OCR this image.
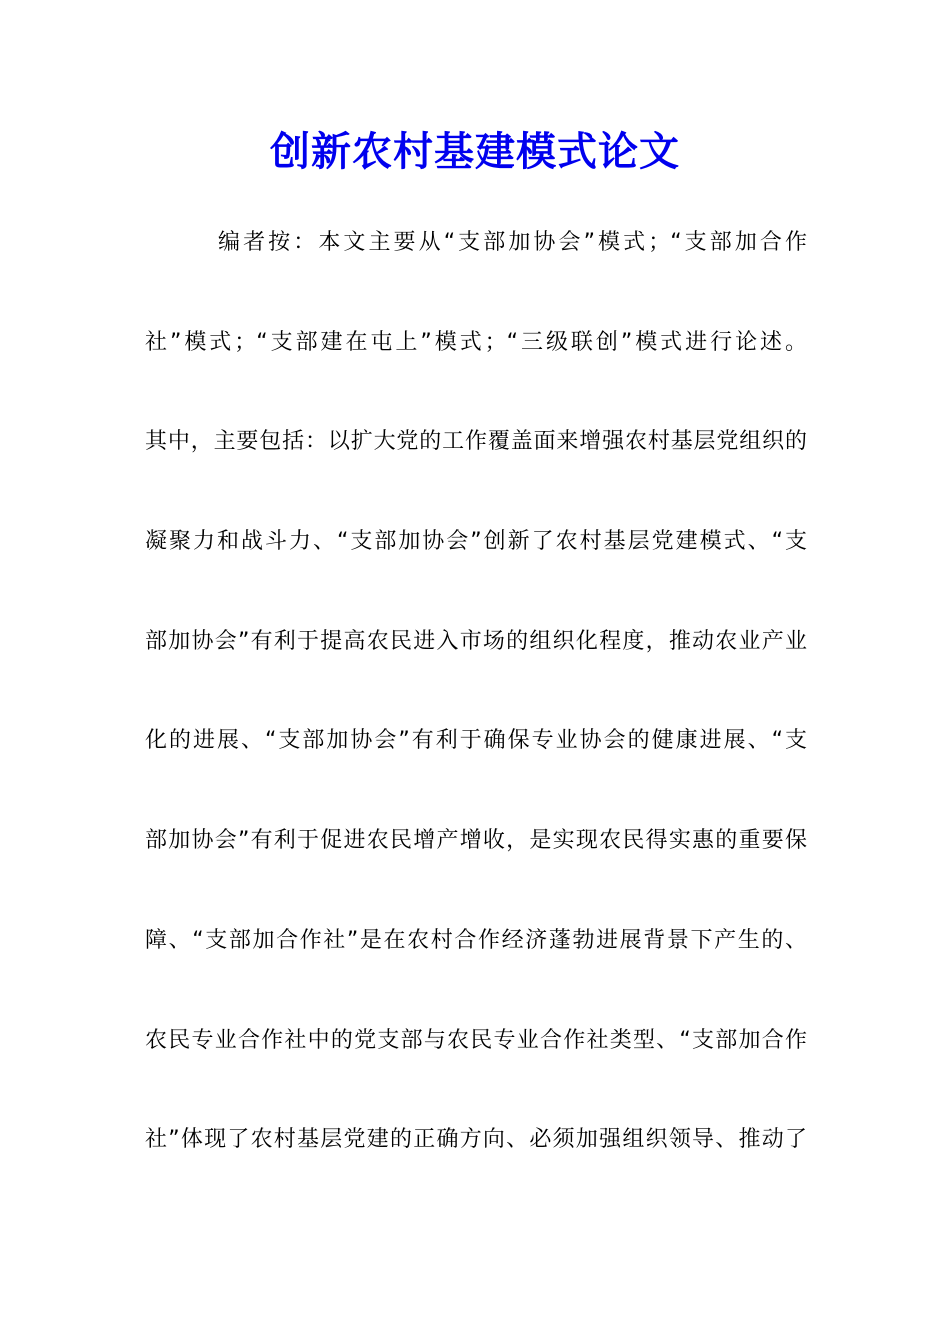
创新农村基建模式论文
编者按：本文主要从“支部加协会”模式；“支部加合作
社”模式；“支部建在屯上”模式；“三级联创”模式进行论述。
其中，主要包括：以扩大党的工作覆盖面来增强农村基层党组织的
凝聚力和战斗力、“支部加协会”创新了农村基层党建模式、“支
部加协会”有利于提高农民进入市场的组织化程度，推动农业产业
化的进展、“支部加协会”有利于确保专业协会的健康进展、“支
部加协会”有利于促进农民增产增收，是实现农民得实惠的重要保
障、“支部加合作社”是在农村合作经济蓬勃进展背景下产生的、
农民专业合作社中的党支部与农民专业合作社类型、“支部加合作
社”体现了农村基层党建的正确方向、必须加强组织领导、推动了
